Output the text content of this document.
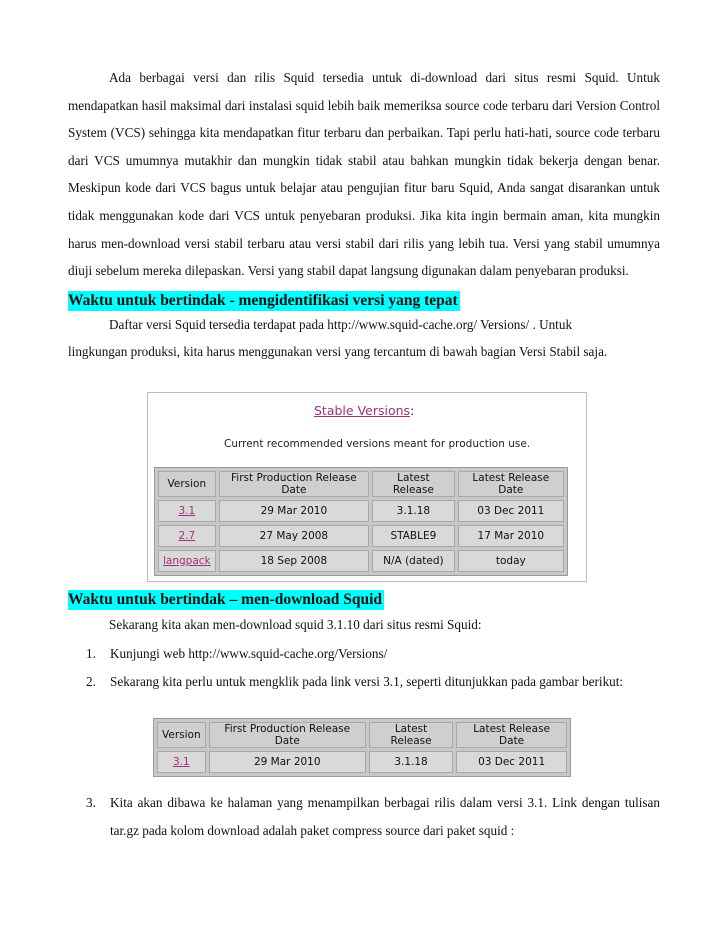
Ada berbagai versi dan rilis Squid tersedia untuk di-download dari situs resmi Squid. Untuk mendapatkan hasil maksimal dari instalasi squid lebih baik memeriksa source code terbaru dari Version Control System (VCS) sehingga kita mendapatkan fitur terbaru dan perbaikan. Tapi perlu hati-hati, source code terbaru dari VCS umumnya mutakhir dan mungkin tidak stabil atau bahkan mungkin tidak bekerja dengan benar. Meskipun kode dari VCS bagus untuk belajar atau pengujian fitur baru Squid, Anda sangat disarankan untuk tidak menggunakan kode dari VCS untuk penyebaran produksi. Jika kita ingin bermain aman, kita mungkin harus men-download versi stabil terbaru atau versi stabil dari rilis yang lebih tua. Versi yang stabil umumnya diuji sebelum mereka dilepaskan. Versi yang stabil dapat langsung digunakan dalam penyebaran produksi.

Waktu untuk bertindak - mengidentifikasi versi yang tepat

Daftar versi Squid tersedia terdapat pada http://www.squid-cache.org/ Versions/ . Untuk

lingkungan produksi, kita harus menggunakan versi yang tercantum di bawah bagian Versi Stabil saja.

Stable Versions:
Current recommended versions meant for production use.
Version	First Production Release Date	Latest Release	Latest Release Date
3.1	29 Mar 2010	3.1.18	03 Dec 2011
2.7	27 May 2008	STABLE9	17 Mar 2010
langpack	18 Sep 2008	N/A (dated)	today
Waktu untuk bertindak – men-download Squid

Sekarang kita akan men-download squid 3.1.10 dari situs resmi Squid:

1. Kunjungi web http://www.squid-cache.org/Versions/
2. Sekarang kita perlu untuk mengklik pada link versi 3.1, seperti ditunjukkan pada gambar berikut:
Version	First Production Release Date	Latest Release	Latest Release Date
3.1	29 Mar 2010	3.1.18	03 Dec 2011
3. Kita akan dibawa ke halaman yang menampilkan berbagai rilis dalam versi 3.1. Link dengan tulisan tar.gz pada kolom download adalah paket compress source dari paket squid :
